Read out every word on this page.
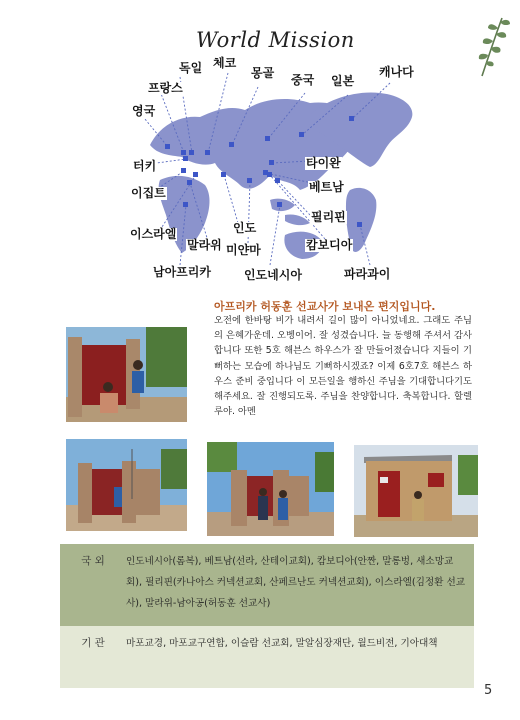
World Mission
독일 체코
몽골 중국 일본
캐나다
프랑스
영국
터키
이집트
이스라엘
말라위
남아프리카
인도
미얀마
인도네시아
타이완
베트남
필리핀
캄보디아
파라과이
아프리카 허동훈 선교사가 보내온 편지입니다.
오전에 한바탕 비가 내려서 길이 많이 아니었네요. 그래도 주님의 은혜가운데. 오벵이어. 잘 성겼습니다. 늘 동행해 주셔서 감사합니다 또한 5호 해븐스 하우스가 잘 만들어졌습니다 지들이 기뻐하는 모습에 하나님도 기뻐하시겠죠? 이제 6호7호 해븐스 하우스 준비 중입니다 이 모든일을 행하신 주님을 기대합니다기도해주세요. 잘 진행되도록. 주님을 찬양합니다. 축복합니다. 할렐루야. 아멘
국 외	인도네시아(롬복), 베트남(선라, 산테이교회), 캄보디아(안짠, 말롱벙, 새소망교회), 필리핀(카나아스 커넥션교회, 산페르난도 커넥션교회), 이스라엘(김정환 선교사), 말라위-남아공(허동훈 선교사)
기 관	마포교경, 마포교구연합, 이슬람 선교회, 말알심장재단, 월드비전, 기아대책
5
